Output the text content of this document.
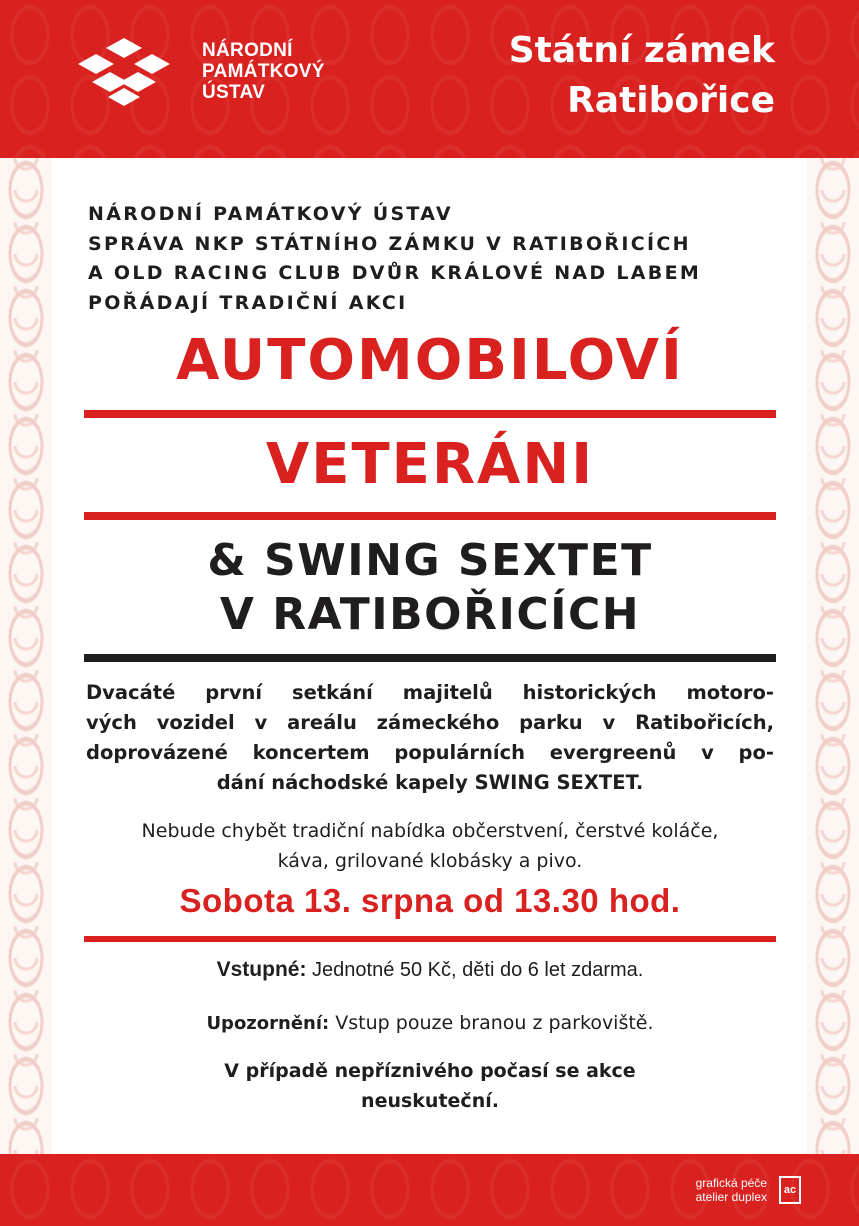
NÁRODNÍ
PAMÁTKOVÝ
ÚSTAV
Státní zámek
Ratibořice
NÁRODNÍ PAMÁTKOVÝ ÚSTAV
SPRÁVA NKP STÁTNÍHO ZÁMKU V RATIBOŘICÍCH
A OLD RACING CLUB DVŮR KRÁLOVÉ NAD LABEM
POŘÁDAJÍ TRADIČNÍ AKCI
AUTOMOBILOVÍ
VETERÁNI
& SWING SEXTET
V RATIBOŘICÍCH
Dvacáté první setkání majitelů historických motoro-
vých vozidel v areálu zámeckého parku v Ratibořicích,
doprovázené koncertem populárních evergreenů v po-
dání náchodské kapely SWING SEXTET.
Nebude chybět tradiční nabídka občerstvení, čerstvé koláče,
káva, grilované klobásky a pivo.
Sobota 13. srpna od 13.30 hod.
Vstupné: Jednotné 50 Kč, děti do 6 let zdarma.
Upozornění: Vstup pouze branou z parkoviště.
V případě nepříznivého počasí se akce
neuskuteční.
grafická péče
atelier duplex ac
